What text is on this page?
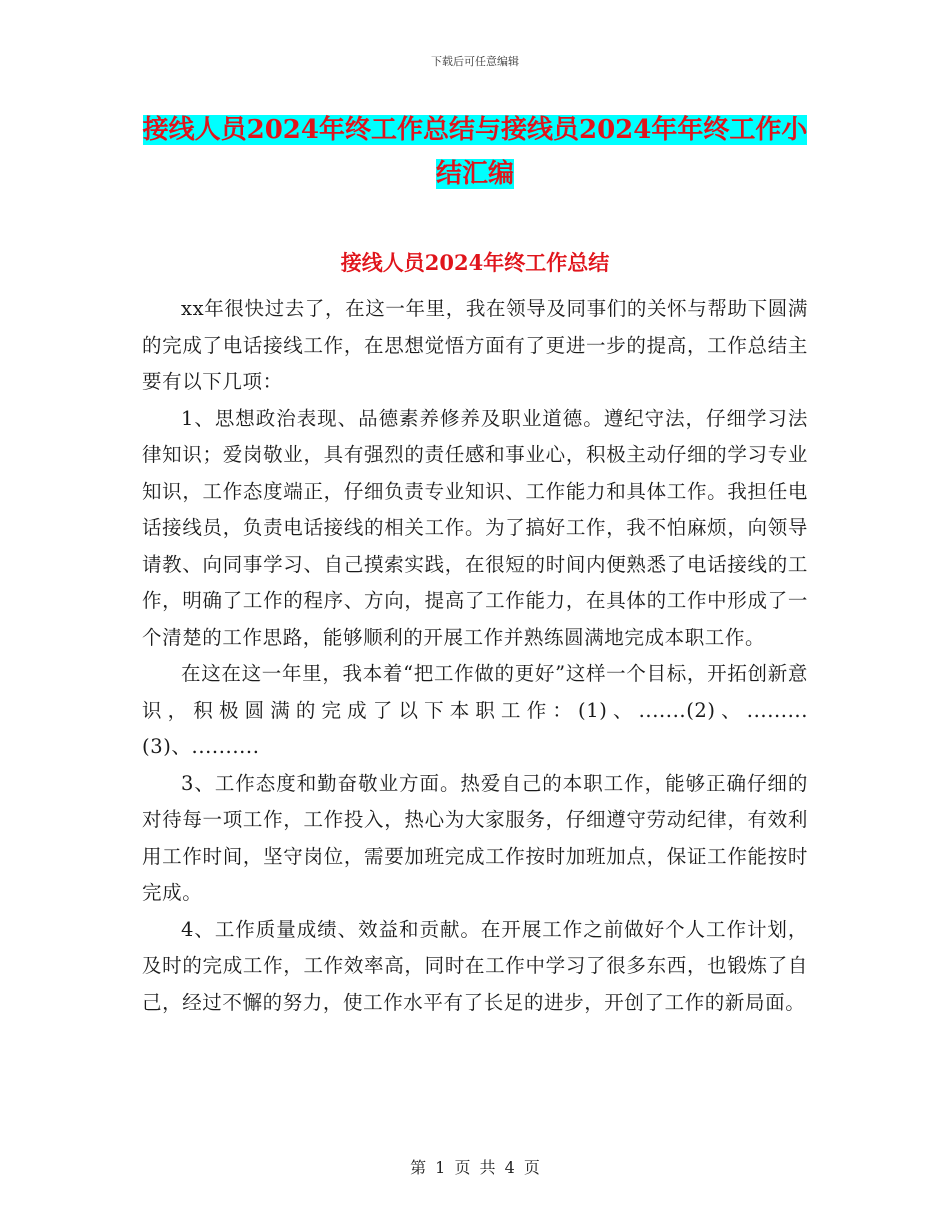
下载后可任意编辑
接线人员2024年终工作总结与接线员2024年年终工作小结汇编
接线人员2024年终工作总结

xx年很快过去了，在这一年里，我在领导及同事们的关怀与帮助下圆满的完成了电话接线工作，在思想觉悟方面有了更进一步的提高，工作总结主要有以下几项：

1、思想政治表现、品德素养修养及职业道德。遵纪守法，仔细学习法律知识；爱岗敬业，具有强烈的责任感和事业心，积极主动仔细的学习专业知识，工作态度端正，仔细负责专业知识、工作能力和具体工作。我担任电话接线员，负责电话接线的相关工作。为了搞好工作，我不怕麻烦，向领导请教、向同事学习、自己摸索实践，在很短的时间内便熟悉了电话接线的工作，明确了工作的程序、方向，提高了工作能力，在具体的工作中形成了一个清楚的工作思路，能够顺利的开展工作并熟练圆满地完成本职工作。

在这在这一年里，我本着“把工作做的更好”这样一个目标，开拓创新意识，积极圆满的完成了以下本职工作：(1)、.......(2)、......... (3)、..........

3、工作态度和勤奋敬业方面。热爱自己的本职工作，能够正确仔细的对待每一项工作，工作投入，热心为大家服务，仔细遵守劳动纪律，有效利用工作时间，坚守岗位，需要加班完成工作按时加班加点，保证工作能按时完成。

4、工作质量成绩、效益和贡献。在开展工作之前做好个人工作计划，及时的完成工作，工作效率高，同时在工作中学习了很多东西，也锻炼了自己，经过不懈的努力，使工作水平有了长足的进步，开创了工作的新局面。

第 1 页 共 4 页
